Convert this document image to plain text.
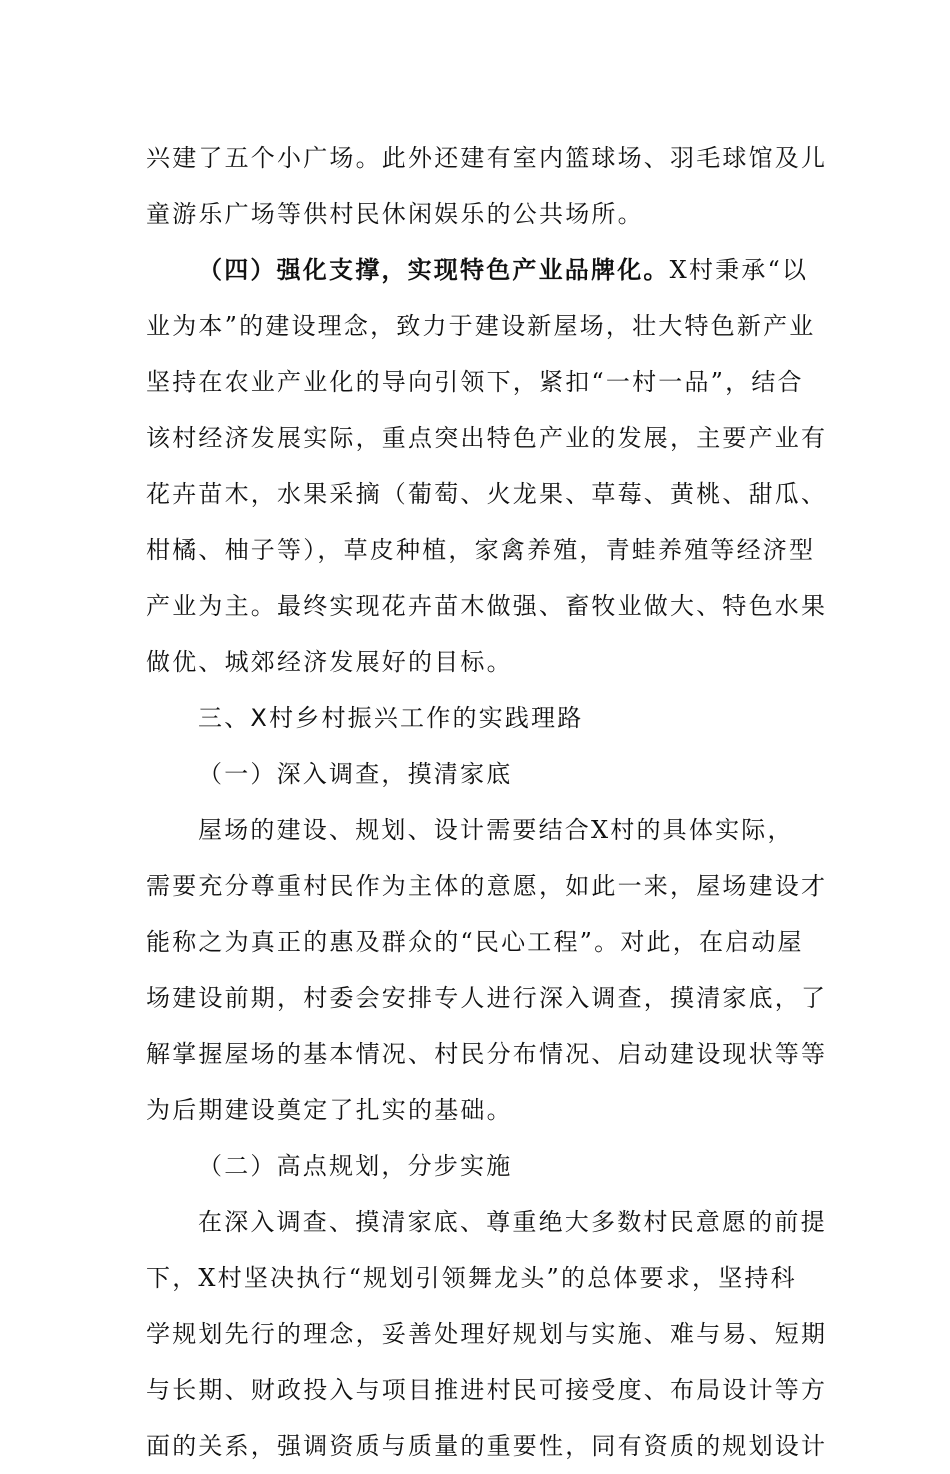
兴建了五个小广场。此外还建有室内篮球场、羽毛球馆及儿
童游乐广场等供村民休闲娱乐的公共场所。
（四）强化支撑，实现特色产业品牌化。X村秉承“以
业为本”的建设理念，致力于建设新屋场，壮大特色新产业
坚持在农业产业化的导向引领下，紧扣“一村一品”，结合
该村经济发展实际，重点突出特色产业的发展，主要产业有
花卉苗木，水果采摘（葡萄、火龙果、草莓、黄桃、甜瓜、
柑橘、柚子等），草皮种植，家禽养殖，青蛙养殖等经济型
产业为主。最终实现花卉苗木做强、畜牧业做大、特色水果
做优、城郊经济发展好的目标。
三、X村乡村振兴工作的实践理路
（一）深入调查，摸清家底
屋场的建设、规划、设计需要结合X村的具体实际，
需要充分尊重村民作为主体的意愿，如此一来，屋场建设才
能称之为真正的惠及群众的“民心工程”。对此，在启动屋
场建设前期，村委会安排专人进行深入调查，摸清家底，了
解掌握屋场的基本情况、村民分布情况、启动建设现状等等
为后期建设奠定了扎实的基础。
（二）高点规划，分步实施
在深入调查、摸清家底、尊重绝大多数村民意愿的前提
下，X村坚决执行“规划引领舞龙头”的总体要求，坚持科
学规划先行的理念，妥善处理好规划与实施、难与易、短期
与长期、财政投入与项目推进村民可接受度、布局设计等方
面的关系，强调资质与质量的重要性，同有资质的规划设计
